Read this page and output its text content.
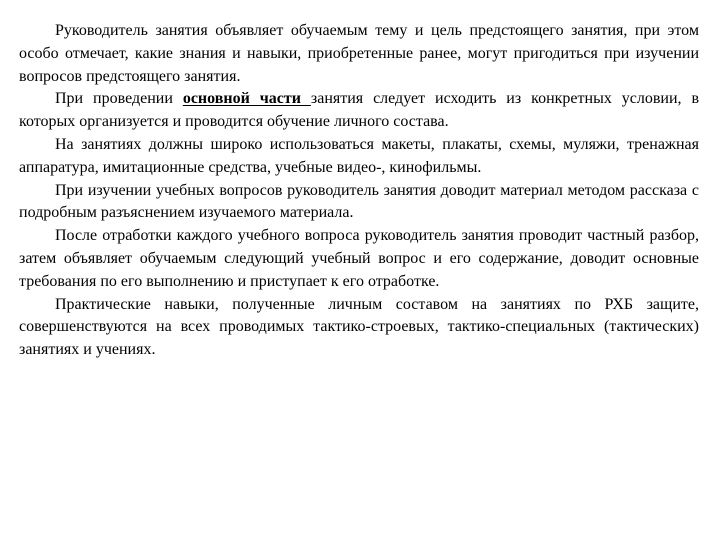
Руководитель занятия объявляет обучаемым тему и цель предстоящего занятия, при этом особо отмечает, какие знания и навыки, приобретенные ранее, могут пригодиться при изучении вопросов предстоящего занятия.

При проведении основной части занятия следует исходить из конкретных условии, в которых организуется и проводится обучение личного состава.

На занятиях должны широко использоваться макеты, плакаты, схемы, муляжи, тренажная аппаратура, имитационные средства, учебные видео-, кинофильмы.

При изучении учебных вопросов руководитель занятия доводит материал методом рассказа с подробным разъяснением изучаемого материала.

После отработки каждого учебного вопроса руководитель занятия проводит частный разбор, затем объявляет обучаемым следующий учебный вопрос и его содержание, доводит основные требования по его выполнению и приступает к его отработке.

Практические навыки, полученные личным составом на занятиях по РХБ защите, совершенствуются на всех проводимых тактико-строевых, тактико-специальных (тактических) занятиях и учениях.
